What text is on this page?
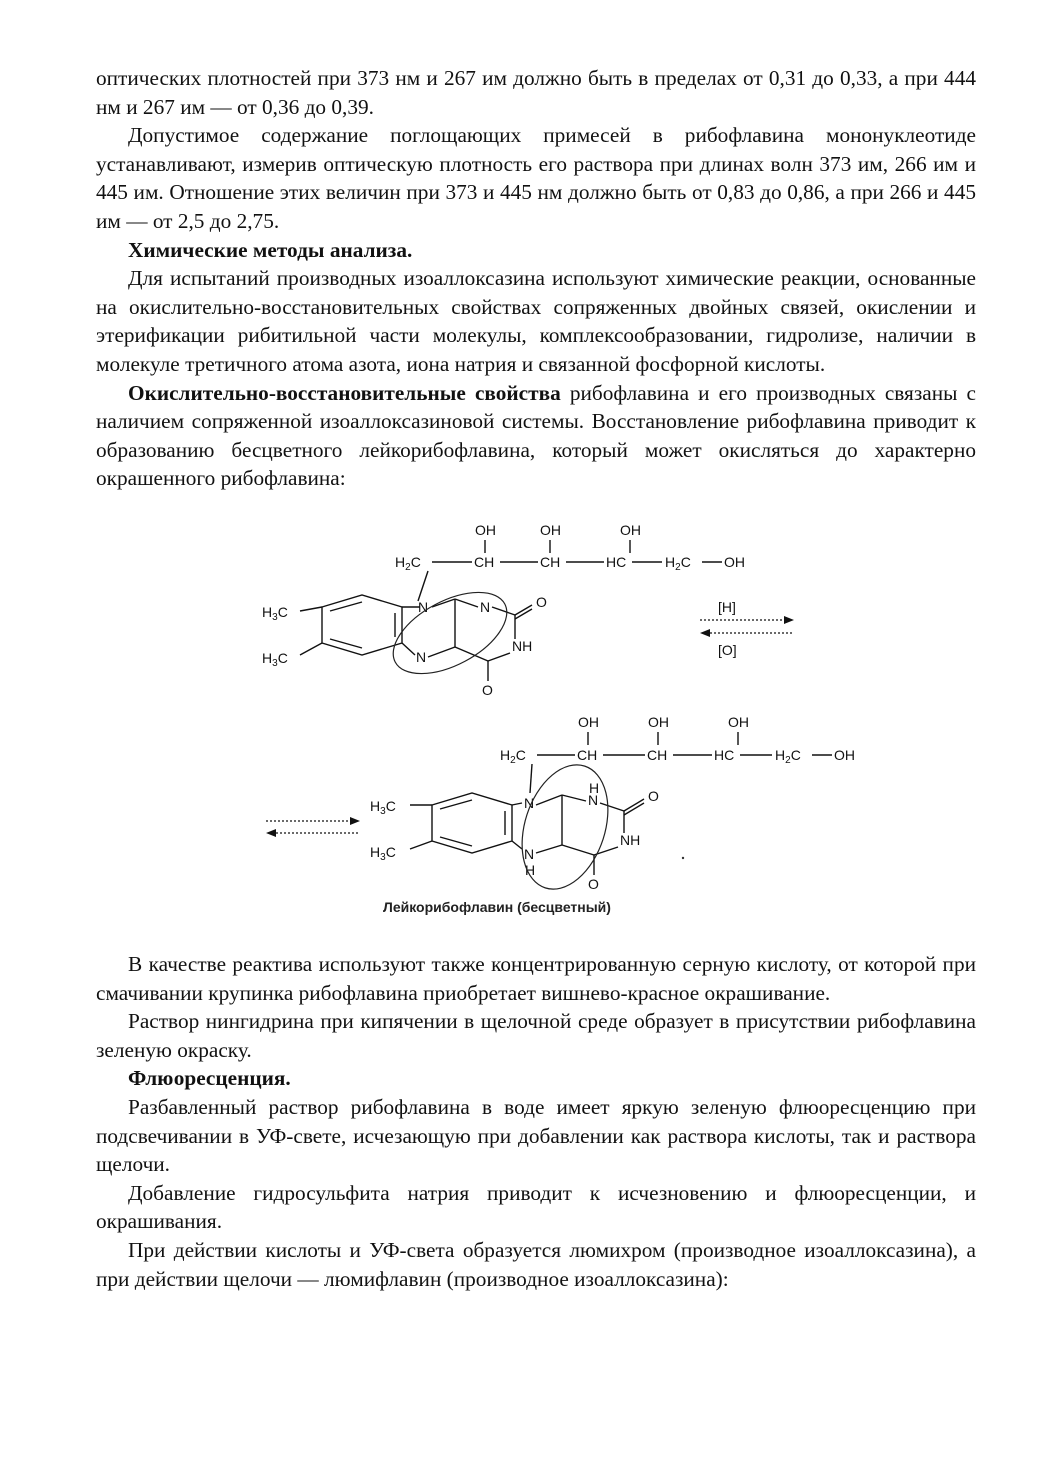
оптических плотностей при 373 нм и 267 им должно быть в пределах от 0,31 до 0,33, а при 444 нм и 267 им — от 0,36 до 0,39.

Допустимое содержание поглощающих примесей в рибофлавина мононуклеотиде устанавливают, измерив оптическую плотность его раствора при длинах волн 373 им, 266 им и 445 им. Отношение этих величин при 373 и 445 нм должно быть от 0,83 до 0,86, а при 266 и 445 им — от 2,5 до 2,75.

Химические методы анализа.

Для испытаний производных изоаллоксазина используют химические реакции, основанные на окислительно-восстановительных свойствах сопряженных двойных связей, окислении и этерификации рибитильной части молекулы, комплексообразовании, гидролизе, наличии в молекуле третичного атома азота, иона натрия и связанной фосфорной кислоты.

Окислительно-восстановительные свойства рибофлавина и его производных связаны с наличием сопряженной изоаллоксазиновой системы. Восстановление рибофлавина приводит к образованию бесцветного лейкорибофлавина, который может окисляться до характерно окрашенного рибофлавина:

OH	OH	OH
$H_2C$	CH	CH	HC	$H_2C$ OH
N
N
N	O
NH
O
$H_3C$
$H_3C$
[H]
[O]
OH	OH	OH
$H_2C$	CH	CH	HC	$H_2C$ OH
N
N
H
N
H	O
NH
O
$H_3C$
$H_3C$
Лейкорибофлавин (бесцветный)

В качестве реактива используют также концентрированную серную кислоту, от которой при смачивании крупинка рибофлавина приобретает вишнево-красное окрашивание.

Раствор нингидрина при кипячении в щелочной среде образует в присутствии рибофлавина зеленую окраску.

Флюоресценция.

Разбавленный раствор рибофлавина в воде имеет яркую зеленую флюоресценцию при подсвечивании в УФ-свете, исчезающую при добавлении как раствора кислоты, так и раствора щелочи.

Добавление гидросульфита натрия приводит к исчезновению и флюоресценции, и окрашивания.

При действии кислоты и УФ-света образуется люмихром (производное изоаллоксазина), а при действии щелочи — люмифлавин (производное изоаллоксазина):
